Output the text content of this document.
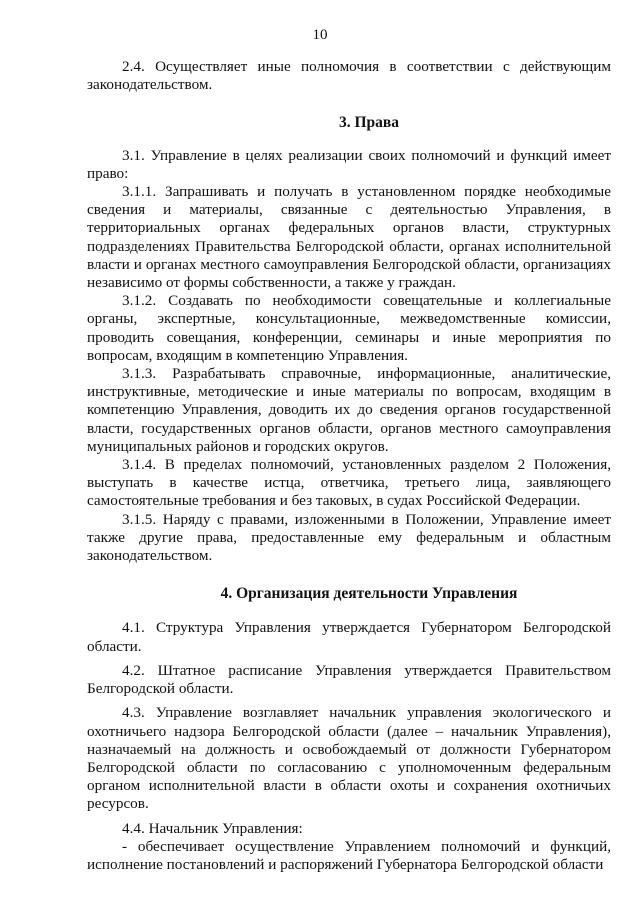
10

2.4. Осуществляет иные полномочия в соответствии с действующим законодательством.

3. Права

3.1. Управление в целях реализации своих полномочий и функций имеет право:

3.1.1. Запрашивать и получать в установленном порядке необходимые сведения и материалы, связанные с деятельностью Управления, в территориальных органах федеральных органов власти, структурных подразделениях Правительства Белгородской области, органах исполнительной власти и органах местного самоуправления Белгородской области, организациях независимо от формы собственности, а также у граждан.

3.1.2. Создавать по необходимости совещательные и коллегиальные органы, экспертные, консультационные, межведомственные комиссии, проводить совещания, конференции, семинары и иные мероприятия по вопросам, входящим в компетенцию Управления.

3.1.3. Разрабатывать справочные, информационные, аналитические, инструктивные, методические и иные материалы по вопросам, входящим в компетенцию Управления, доводить их до сведения органов государственной власти, государственных органов области, органов местного самоуправления муниципальных районов и городских округов.

3.1.4. В пределах полномочий, установленных разделом 2 Положения, выступать в качестве истца, ответчика, третьего лица, заявляющего самостоятельные требования и без таковых, в судах Российской Федерации.

3.1.5. Наряду с правами, изложенными в Положении, Управление имеет также другие права, предоставленные ему федеральным и областным законодательством.

4. Организация деятельности Управления

4.1. Структура Управления утверждается Губернатором Белгородской области.

4.2. Штатное расписание Управления утверждается Правительством Белгородской области.

4.3. Управление возглавляет начальник управления экологического и охотничьего надзора Белгородской области (далее – начальник Управления), назначаемый на должность и освобождаемый от должности Губернатором Белгородской области по согласованию с уполномоченным федеральным органом исполнительной власти в области охоты и сохранения охотничьих ресурсов.

4.4. Начальник Управления:

- обеспечивает осуществление Управлением полномочий и функций, исполнение постановлений и распоряжений Губернатора Белгородской области
